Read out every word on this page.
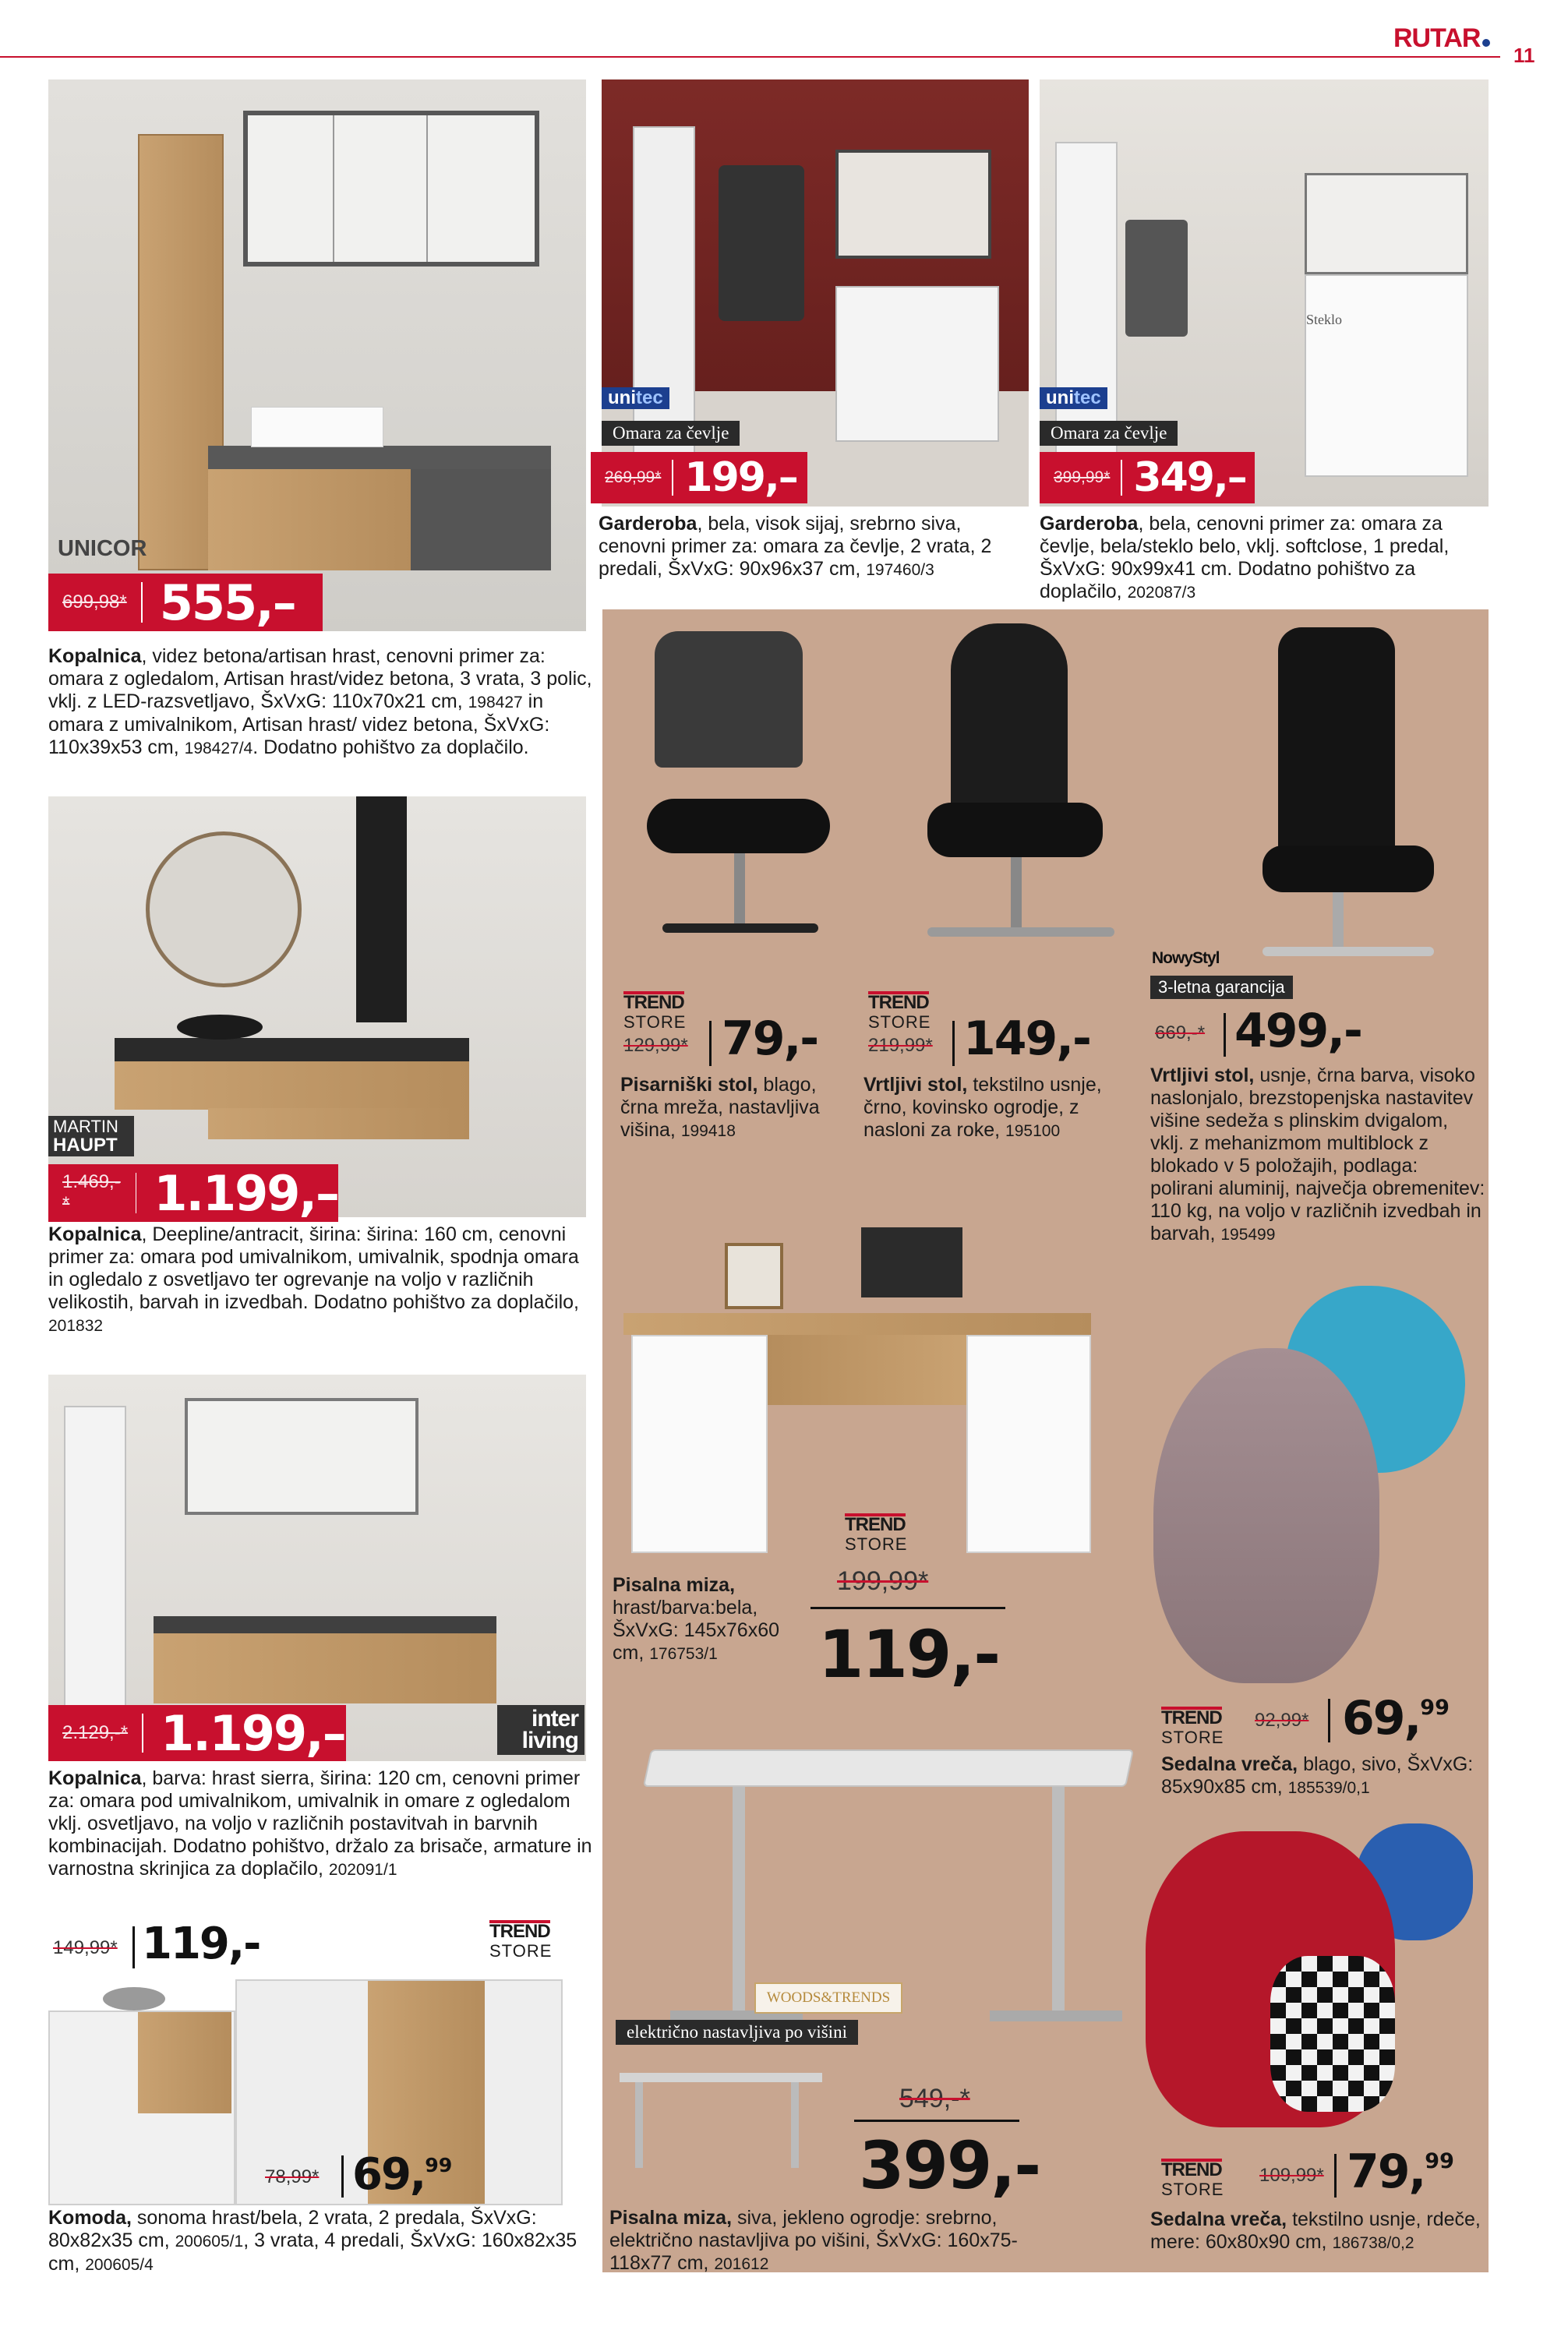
RUTAR
11
UNICOR
699,98* 555,–
Kopalnica, videz betona/artisan hrast, cenovni primer za: omara z ogledalom, Artisan hrast/videz betona, 3 vrata, 3 polic, vklj. z LED-razsvetljavo, ŠxVxG: 110x70x21 cm, 198427 in omara z umivalnikom, Artisan hrast/ videz betona, ŠxVxG: 110x39x53 cm, 198427/4. Dodatno pohištvo za doplačilo.
unitec
Omara za čevlje
269,99* 199,–
Garderoba, bela, visok sijaj, srebrno siva, cenovni primer za: omara za čevlje, 2 vrata, 2 predali, ŠxVxG: 90x96x37 cm, 197460/3
Steklo
unitec
Omara za čevlje
399,99* 349,–
Garderoba, bela, cenovni primer za: omara za čevlje, bela/steklo belo, vklj. softclose, 1 predal, ŠxVxG: 90x99x41 cm. Dodatno pohištvo za doplačilo, 202087/3
MARTIN
HAUPT
1.469,-*	1.199,–
Kopalnica, Deepline/antracit, širina: širina: 160 cm, cenovni primer za: omara pod umivalnikom, umivalnik, spodnja omara in ogledalo z osvetljavo ter ogrevanje na voljo v različnih velikostih, barvah in izvedbah. Dodatno pohištvo za doplačilo, 201832
inter
living
2.129,-* 1.199,–
Kopalnica, barva: hrast sierra, širina: 120 cm, cenovni primer za: omara pod umivalnikom, umivalnik in omare z ogledalom vklj. osvetljavo, na voljo v različnih postavitvah in barvnih kombinacijah. Dodatno pohištvo, držalo za brisače, armature in varnostna skrinjica za doplačilo, 202091/1
149,99* 119,-	TREND
STORE
78,99* 69,99
Komoda, sonoma hrast/bela, 2 vrata, 2 predala, ŠxVxG: 80x82x35 cm, 200605/1, 3 vrata, 4 predali, ŠxVxG: 160x82x35 cm, 200605/4
TREND
STORE
129,99* 79,-
Pisarniški stol, blago, črna mreža, nastavljiva višina, 199418
TREND
STORE
219,99* 149,-
Vrtljivi stol, tekstilno usnje, črno, kovinsko ogrodje, z nasloni za roke, 195100
NowyStyl
3-letna garancija
669,-* 499,-
Vrtljivi stol, usnje, črna barva, visoko naslonjalo, brezstopenjska nastavitev višine sedeža s plinskim dvigalom, vklj. z mehanizmom multiblock z blokado v 5 položajih, podlaga: polirani aluminij, največja obremenitev: 110 kg, na voljo v različnih izvedbah in barvah, 195499
TREND
STORE
199,99*
119,-
Pisalna miza, hrast/barva:bela, ŠxVxG: 145x76x60 cm, 176753/1
TREND
STORE
92,99* 69,99
Sedalna vreča, blago, sivo, ŠxVxG: 85x90x85 cm, 185539/0,1
WOODS&TRENDS
električno nastavljiva po višini
549,-*
399,-
Pisalna miza, siva, jekleno ogrodje: srebrno, električno nastavljiva po višini, ŠxVxG: 160x75-118x77 cm, 201612
TREND
STORE
109,99* 79,99
Sedalna vreča, tekstilno usnje, rdeče, mere: 60x80x90 cm, 186738/0,2
